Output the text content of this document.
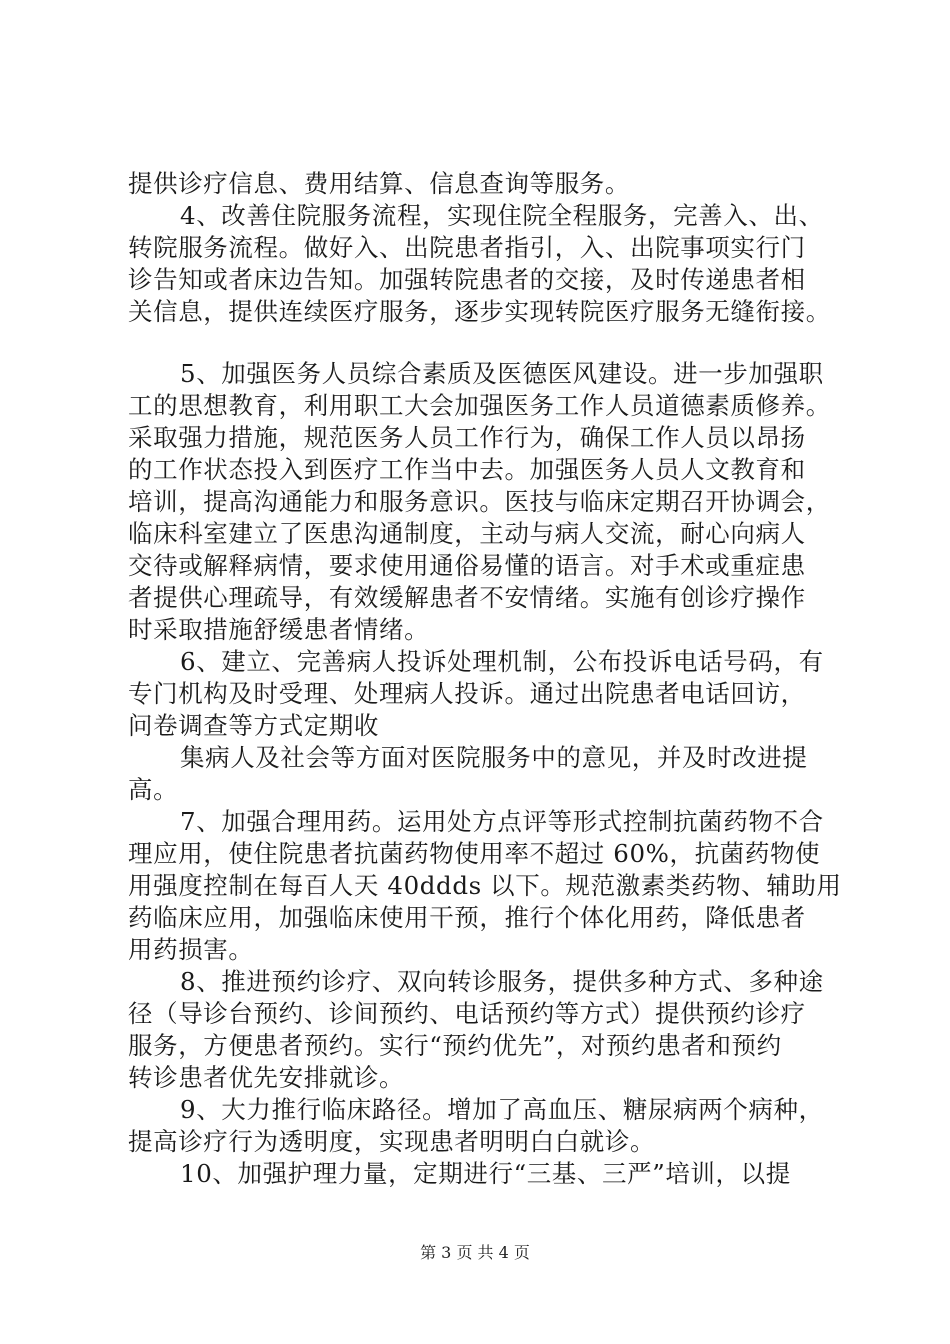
提供诊疗信息、费用结算、信息查询等服务。
4、改善住院服务流程，实现住院全程服务，完善入、出、
转院服务流程。做好入、出院患者指引，入、出院事项实行门
诊告知或者床边告知。加强转院患者的交接，及时传递患者相
关信息，提供连续医疗服务，逐步实现转院医疗服务无缝衔接。
5、加强医务人员综合素质及医德医风建设。进一步加强职
工的思想教育，利用职工大会加强医务工作人员道德素质修养。
采取强力措施，规范医务人员工作行为，确保工作人员以昂扬
的工作状态投入到医疗工作当中去。加强医务人员人文教育和
培训，提高沟通能力和服务意识。医技与临床定期召开协调会，
临床科室建立了医患沟通制度，主动与病人交流，耐心向病人
交待或解释病情，要求使用通俗易懂的语言。对手术或重症患
者提供心理疏导，有效缓解患者不安情绪。实施有创诊疗操作
时采取措施舒缓患者情绪。
6、建立、完善病人投诉处理机制，公布投诉电话号码，有
专门机构及时受理、处理病人投诉。通过出院患者电话回访，
问卷调查等方式定期收
集病人及社会等方面对医院服务中的意见，并及时改进提
高。
7、加强合理用药。运用处方点评等形式控制抗菌药物不合
理应用，使住院患者抗菌药物使用率不超过 60%，抗菌药物使
用强度控制在每百人天 40ddds 以下。规范激素类药物、辅助用
药临床应用，加强临床使用干预，推行个体化用药，降低患者
用药损害。
8、推进预约诊疗、双向转诊服务，提供多种方式、多种途
径（导诊台预约、诊间预约、电话预约等方式）提供预约诊疗
服务，方便患者预约。实行“预约优先”，对预约患者和预约
转诊患者优先安排就诊。
9、大力推行临床路径。增加了高血压、糖尿病两个病种，
提高诊疗行为透明度，实现患者明明白白就诊。
10、加强护理力量，定期进行“三基、三严”培训，以提
第 3 页 共 4 页
